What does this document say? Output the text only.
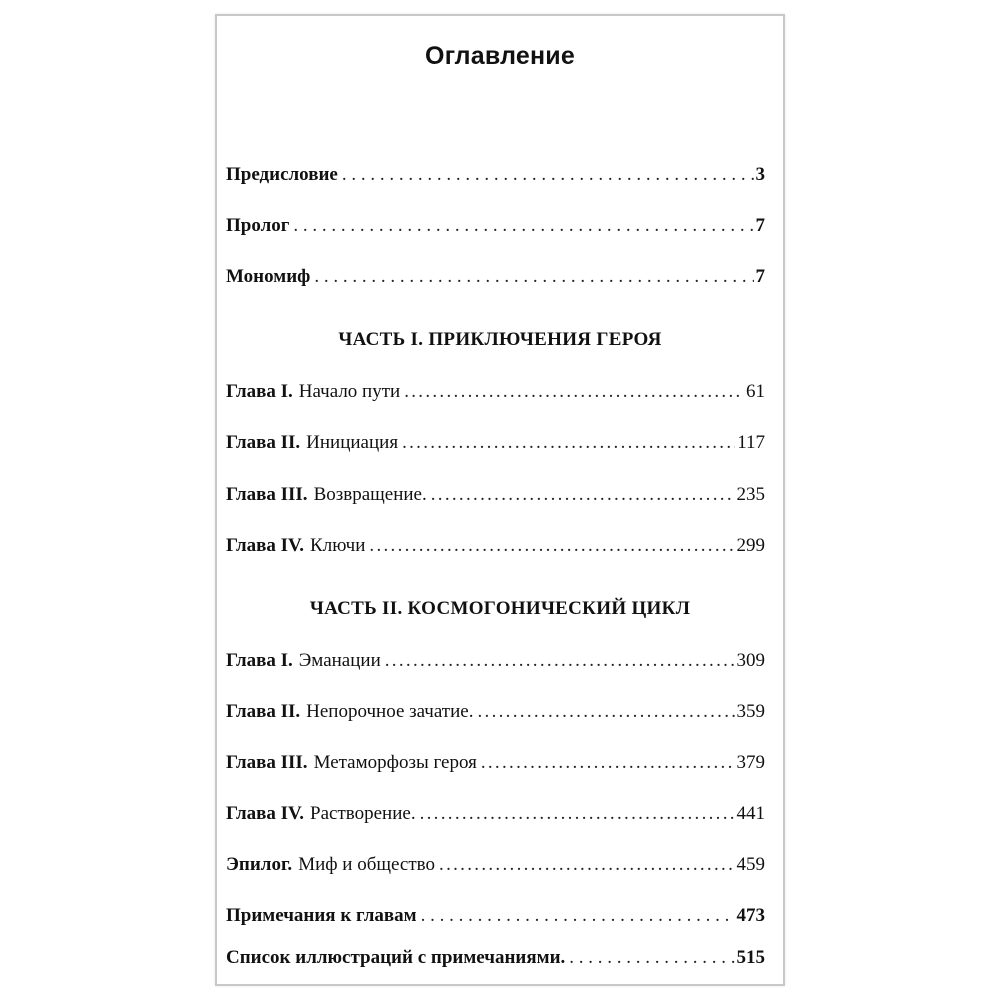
Оглавление
Предисловие . . .	3
Пролог . . .	7
Мономиф . . .	7
ЧАСТЬ I. ПРИКЛЮЧЕНИЯ ГЕРОЯ
Глава I. Начало пути .....	61
Глава II. Инициация .....	117
Глава III. Возвращение. .....	235
Глава IV. Ключи .....	299
ЧАСТЬ II. КОСМОГОНИЧЕСКИЙ ЦИКЛ
Глава I. Эманации .....	309
Глава II. Непорочное зачатие. .....	359
Глава III. Метаморфозы героя .....	379
Глава IV. Растворение. .....	441
Эпилог. Миф и общество .....	459
Примечания к главам . . .	473
Список иллюстраций с примечаниями. . . .	515
